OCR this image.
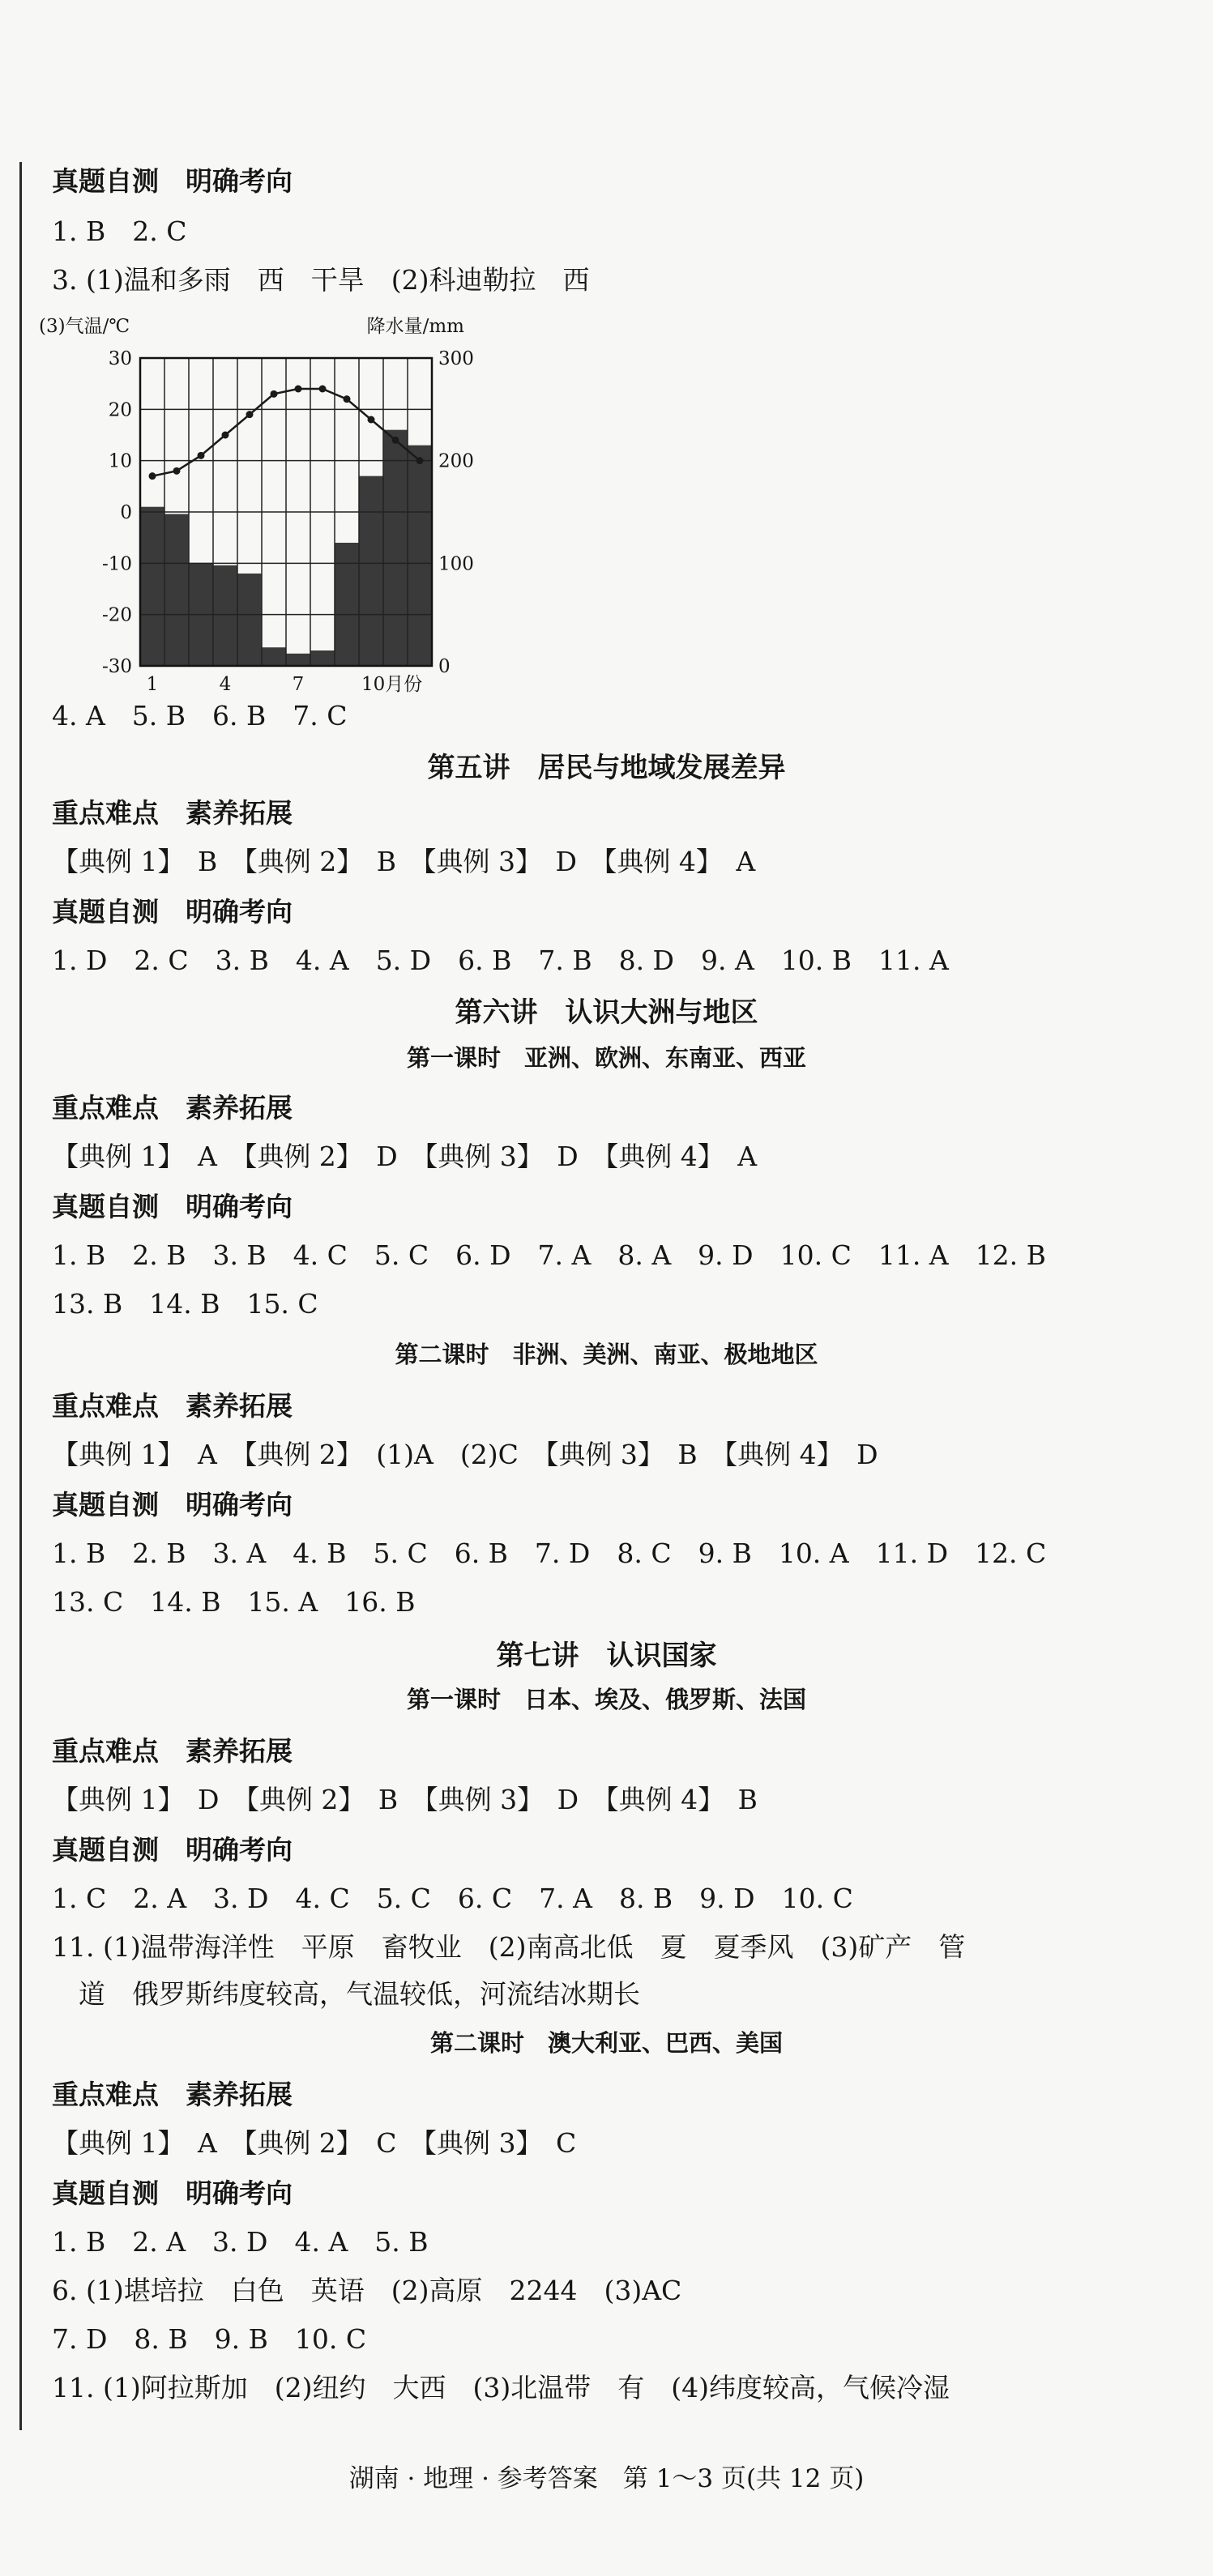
真题自测　明确考向
1. B　2. C
3. (1)温和多雨　西　干旱　(2)科迪勒拉　西
4. A　5. B　6. B　7. C
第五讲　居民与地域发展差异
重点难点　素养拓展
【典例 1】　B　【典例 2】　B　【典例 3】　D　【典例 4】　A
真题自测　明确考向
1. D　2. C　3. B　4. A　5. D　6. B　7. B　8. D　9. A　10. B　11. A
第六讲　认识大洲与地区
第一课时　亚洲、欧洲、东南亚、西亚
重点难点　素养拓展
【典例 1】　A　【典例 2】　D　【典例 3】　D　【典例 4】　A
真题自测　明确考向
1. B　2. B　3. B　4. C　5. C　6. D　7. A　8. A　9. D　10. C　11. A　12. B
13. B　14. B　15. C
第二课时　非洲、美洲、南亚、极地地区
重点难点　素养拓展
【典例 1】　A　【典例 2】　(1)A　(2)C　【典例 3】　B　【典例 4】　D
真题自测　明确考向
1. B　2. B　3. A　4. B　5. C　6. B　7. D　8. C　9. B　10. A　11. D　12. C
13. C　14. B　15. A　16. B
第七讲　认识国家
第一课时　日本、埃及、俄罗斯、法国
重点难点　素养拓展
【典例 1】　D　【典例 2】　B　【典例 3】　D　【典例 4】　B
真题自测　明确考向
1. C　2. A　3. D　4. C　5. C　6. C　7. A　8. B　9. D　10. C
11. (1)温带海洋性　平原　畜牧业　(2)南高北低　夏　夏季风　(3)矿产　管
　道　俄罗斯纬度较高，气温较低，河流结冰期长
第二课时　澳大利亚、巴西、美国
重点难点　素养拓展
【典例 1】　A　【典例 2】　C　【典例 3】　C
真题自测　明确考向
1. B　2. A　3. D　4. A　5. B
6. (1)堪培拉　白色　英语　(2)高原　2244　(3)AC
7. D　8. B　9. B　10. C
11. (1)阿拉斯加　(2)纽约　大西　(3)北温带　有　(4)纬度较高，气候冷湿
(3)气温/℃	降水量/mm
30
20
10
0
-10
-20
-30
300
200
100
0
1	4	7	10月份
湖南 · 地理 · 参考答案　第 1～3 页(共 12 页)
